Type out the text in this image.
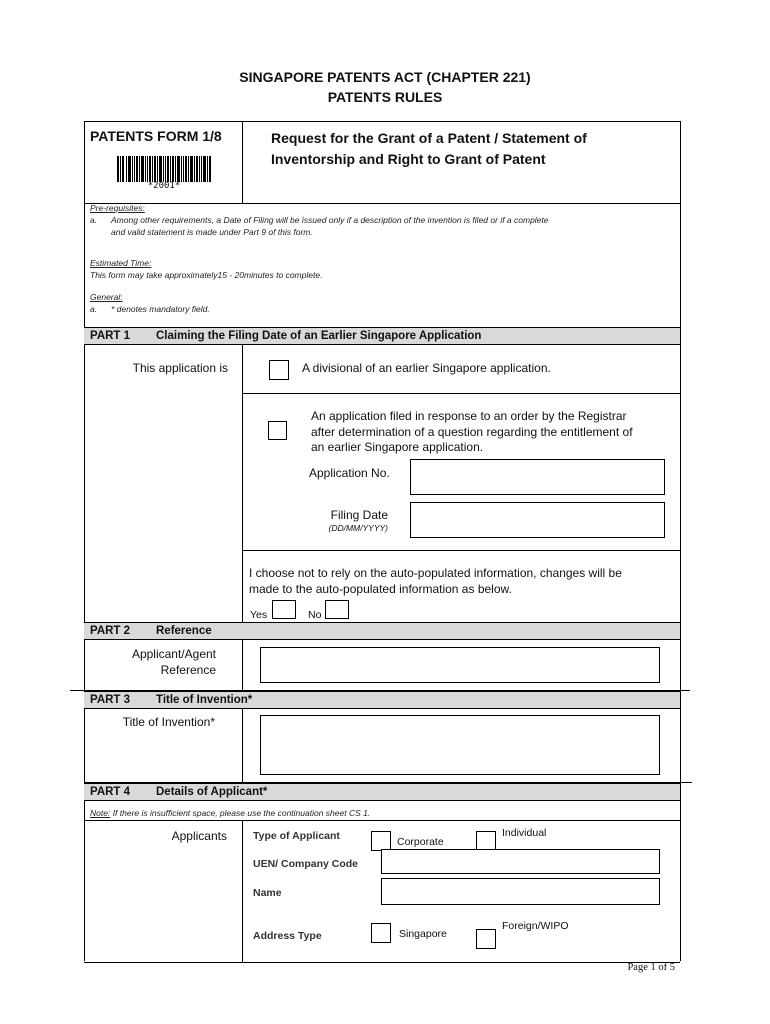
SINGAPORE PATENTS ACT (CHAPTER 221)
PATENTS RULES
PATENTS FORM 1/8
*2001*
Request for the Grant of a Patent / Statement of
Inventorship and Right to Grant of Patent
Pre-requisites:
a. Among other requirements, a Date of Filing will be issued only if a description of the invention is filed or if a complete
and valid statement is made under Part 9 of this form.
Estimated Time:
This form may take approximately15 - 20minutes to complete.
General:
a. * denotes mandatory field.
PART 1 Claiming the Filing Date of an Earlier Singapore Application
This application is	A divisional of an earlier Singapore application.
An application filed in response to an order by the Registrar
after determination of a question regarding the entitlement of
an earlier Singapore application.
Application No.
Filing Date
(DD/MM/YYYY)
I choose not to rely on the auto-populated information, changes will be
made to the auto-populated information as below.
Yes	No
PART 2 Reference
Applicant/Agent
Reference
PART 3 Title of Invention*
Title of Invention*
PART 4 Details of Applicant*
Note: If there is insufficient space, please use the continuation sheet CS 1.
Applicants Type of Applicant	Corporate
Individual
UEN/ Company Code
Name
Address Type	Singapore
Foreign/WIPO
Page 1 of 5
